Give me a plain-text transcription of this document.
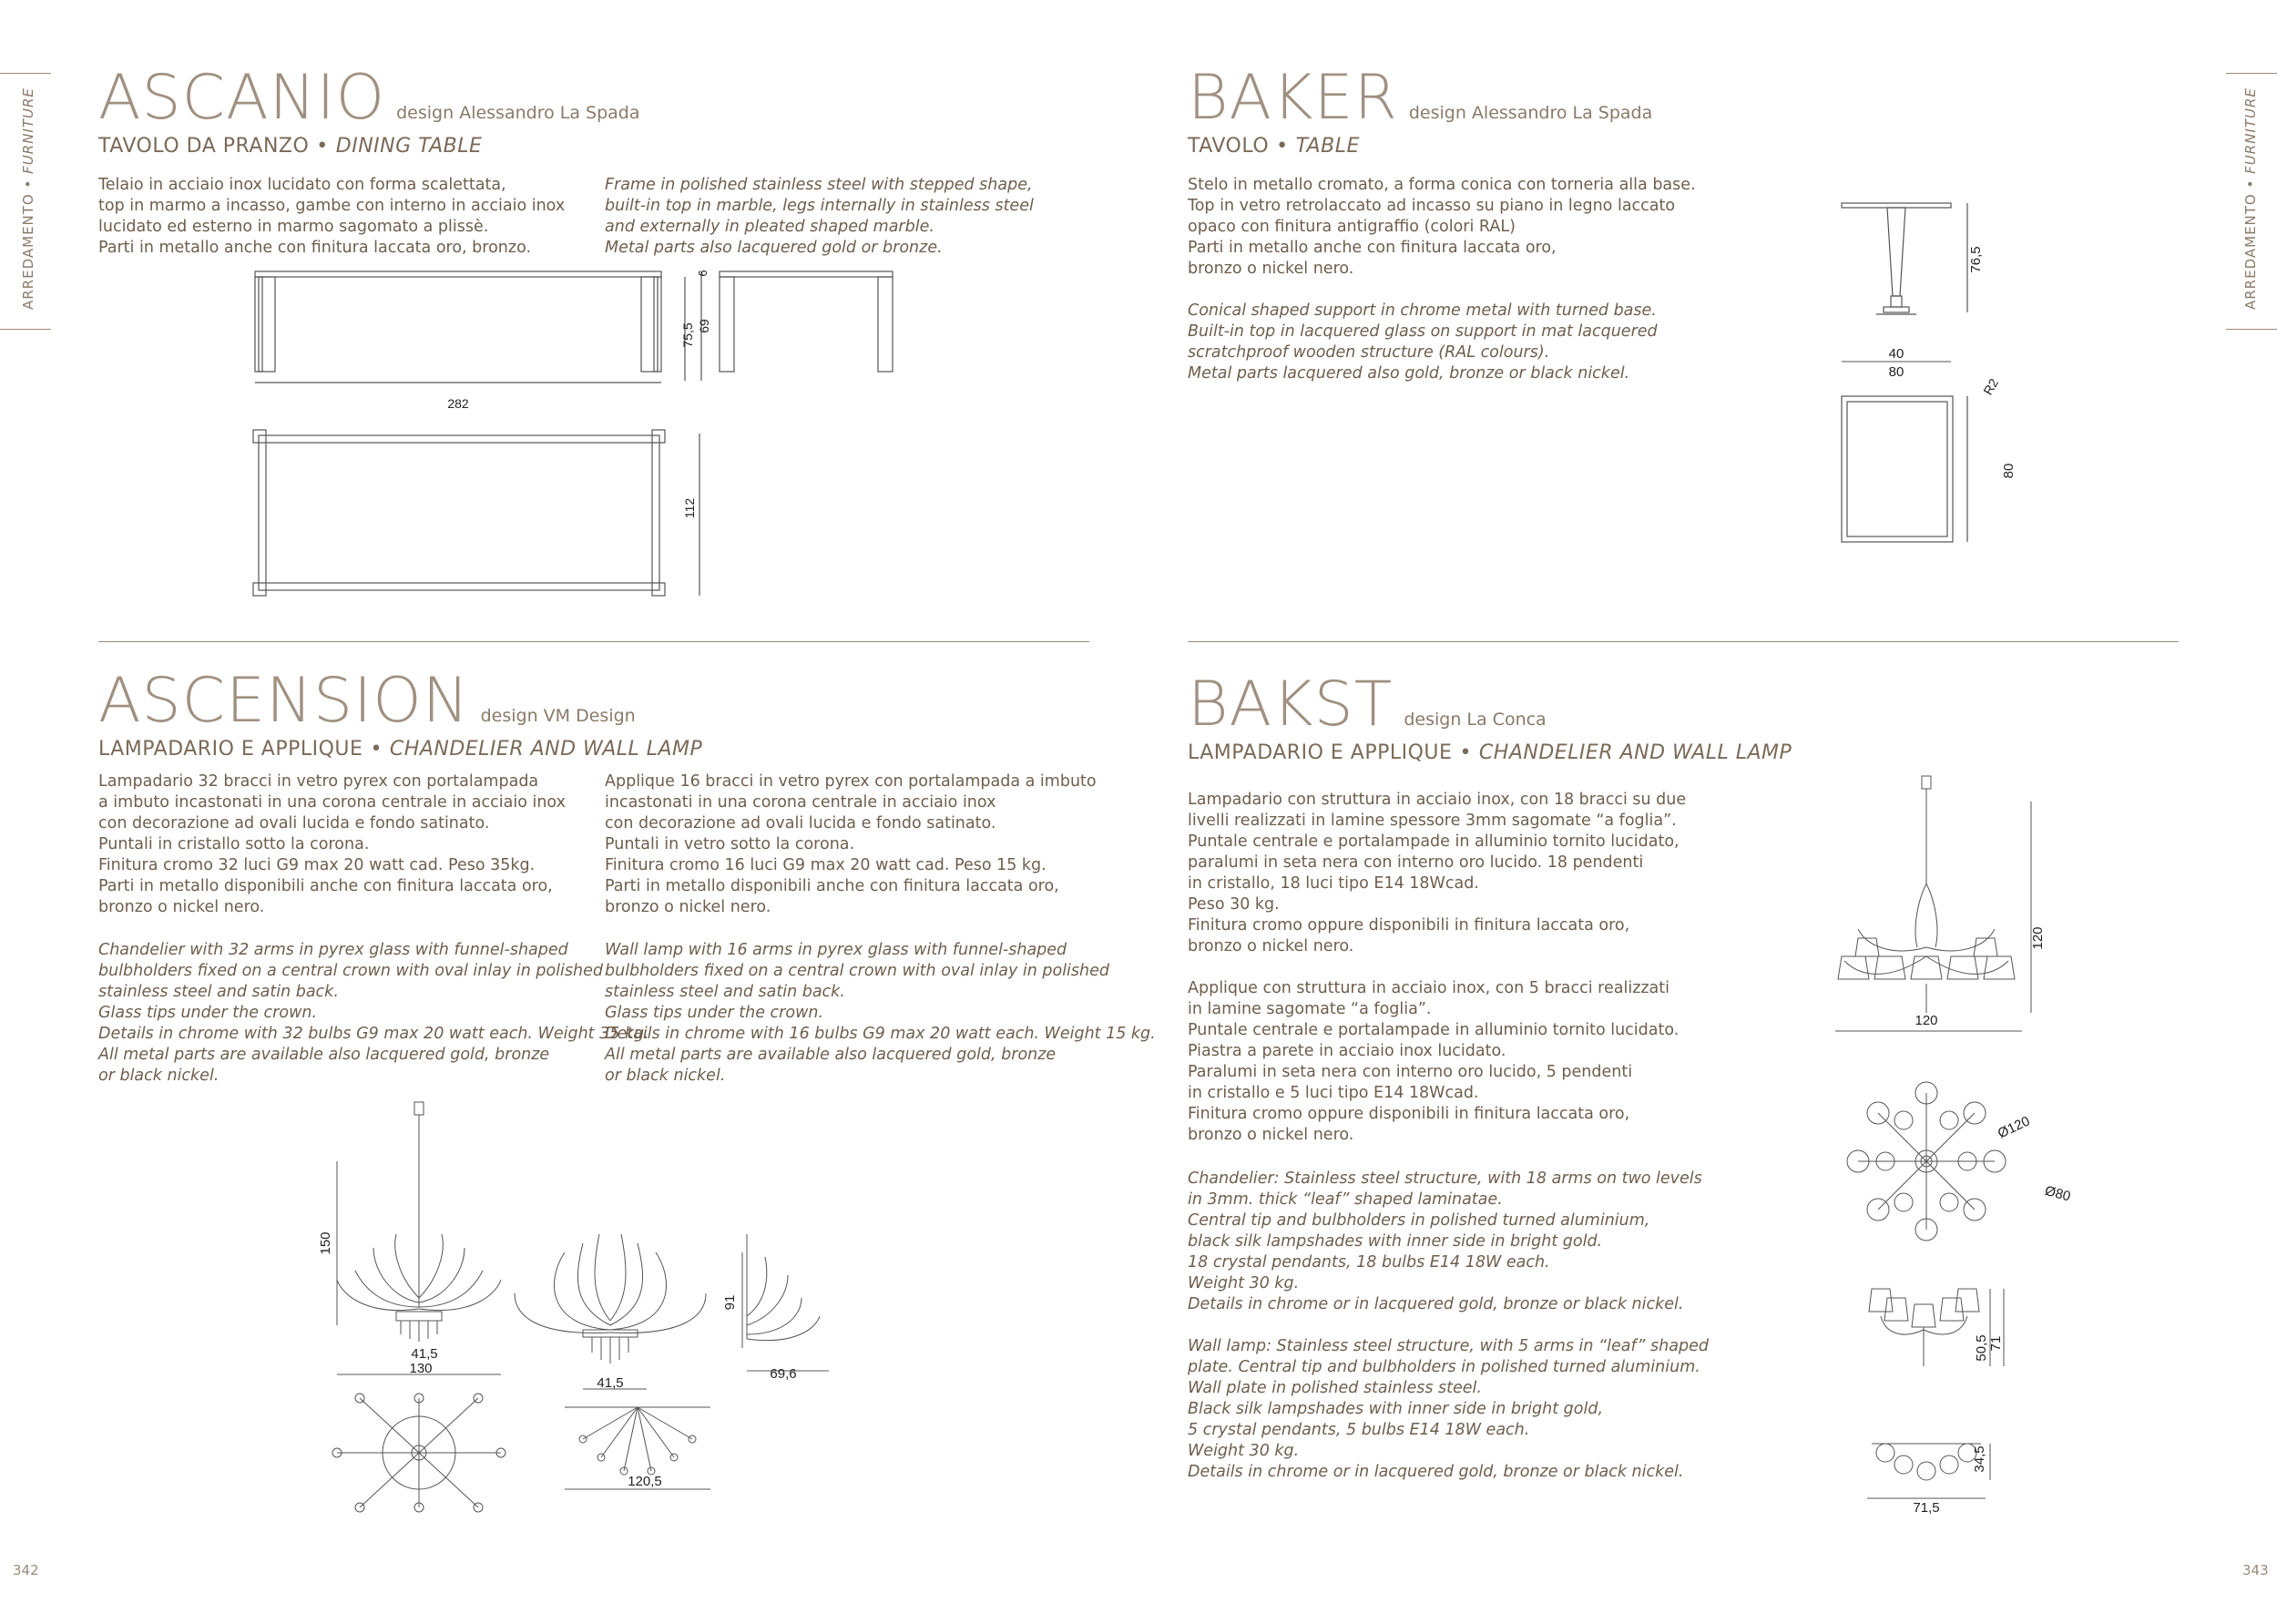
ARREDAMENTO • FURNITURE
ARREDAMENTO • FURNITURE
342	343
ASCANIO design Alessandro La Spada
TAVOLO DA PRANZO • DINING TABLE
Telaio in acciaio inox lucidato con forma scalettata,
top in marmo a incasso, gambe con interno in acciaio inox
lucidato ed esterno in marmo sagomato a plissè.
Parti in metallo anche con finitura laccata oro, bronzo.
Frame in polished stainless steel with stepped shape,
built-in top in marble, legs internally in stainless steel
and externally in pleated shaped marble.
Metal parts also lacquered gold or bronze.
282
75,5 69
6
112
ASCENSION design VM Design
LAMPADARIO E APPLIQUE • CHANDELIER AND WALL LAMP
Lampadario 32 bracci in vetro pyrex con portalampada
a imbuto incastonati in una corona centrale in acciaio inox
con decorazione ad ovali lucida e fondo satinato.
Puntali in cristallo sotto la corona.
Finitura cromo 32 luci G9 max 20 watt cad. Peso 35kg.
Parti in metallo disponibili anche con finitura laccata oro,
bronzo o nickel nero.
Chandelier with 32 arms in pyrex glass with funnel-shaped
bulbholders fixed on a central crown with oval inlay in polished
stainless steel and satin back.
Glass tips under the crown.
Details in chrome with 32 bulbs G9 max 20 watt each. Weight 35 kg.
All metal parts are available also lacquered gold, bronze
or black nickel.
Applique 16 bracci in vetro pyrex con portalampada a imbuto
incastonati in una corona centrale in acciaio inox
con decorazione ad ovali lucida e fondo satinato.
Puntali in vetro sotto la corona.
Finitura cromo 16 luci G9 max 20 watt cad. Peso 15 kg.
Parti in metallo disponibili anche con finitura laccata oro,
bronzo o nickel nero.
Wall lamp with 16 arms in pyrex glass with funnel-shaped
bulbholders fixed on a central crown with oval inlay in polished
stainless steel and satin back.
Glass tips under the crown.
Details in chrome with 16 bulbs G9 max 20 watt each. Weight 15 kg.
All metal parts are available also lacquered gold, bronze
or black nickel.
150
41,5
130
41,5
91
69,6
120,5
BAKER design Alessandro La Spada
TAVOLO • TABLE
Stelo in metallo cromato, a forma conica con torneria alla base.
Top in vetro retrolaccato ad incasso su piano in legno laccato
opaco con finitura antigraffio (colori RAL)
Parti in metallo anche con finitura laccata oro,
bronzo o nickel nero.
Conical shaped support in chrome metal with turned base.
Built-in top in lacquered glass on support in mat lacquered
scratchproof wooden structure (RAL colours).
Metal parts lacquered also gold, bronze or black nickel.
76,5
40
80
R2
80
BAKST design La Conca
LAMPADARIO E APPLIQUE • CHANDELIER AND WALL LAMP
Lampadario con struttura in acciaio inox, con 18 bracci su due
livelli realizzati in lamine spessore 3mm sagomate “a foglia”.
Puntale centrale e portalampade in alluminio tornito lucidato,
paralumi in seta nera con interno oro lucido. 18 pendenti
in cristallo, 18 luci tipo E14 18Wcad.
Peso 30 kg.
Finitura cromo oppure disponibili in finitura laccata oro,
bronzo o nickel nero.

Applique con struttura in acciaio inox, con 5 bracci realizzati
in lamine sagomate “a foglia”.
Puntale centrale e portalampade in alluminio tornito lucidato.
Piastra a parete in acciaio inox lucidato.
Paralumi in seta nera con interno oro lucido, 5 pendenti
in cristallo e 5 luci tipo E14 18Wcad.
Finitura cromo oppure disponibili in finitura laccata oro,
bronzo o nickel nero.
Chandelier: Stainless steel structure, with 18 arms on two levels
in 3mm. thick “leaf” shaped laminatae.
Central tip and bulbholders in polished turned aluminium,
black silk lampshades with inner side in bright gold.
18 crystal pendants, 18 bulbs E14 18W each.
Weight 30 kg.
Details in chrome or in lacquered gold, bronze or black nickel.

Wall lamp: Stainless steel structure, with 5 arms in “leaf” shaped
plate. Central tip and bulbholders in polished turned aluminium.
Wall plate in polished stainless steel.
Black silk lampshades with inner side in bright gold,
5 crystal pendants, 5 bulbs E14 18W each.
Weight 30 kg.
Details in chrome or in lacquered gold, bronze or black nickel.
120
120
Ø120
Ø80
50,5 71
34,5
71,5
